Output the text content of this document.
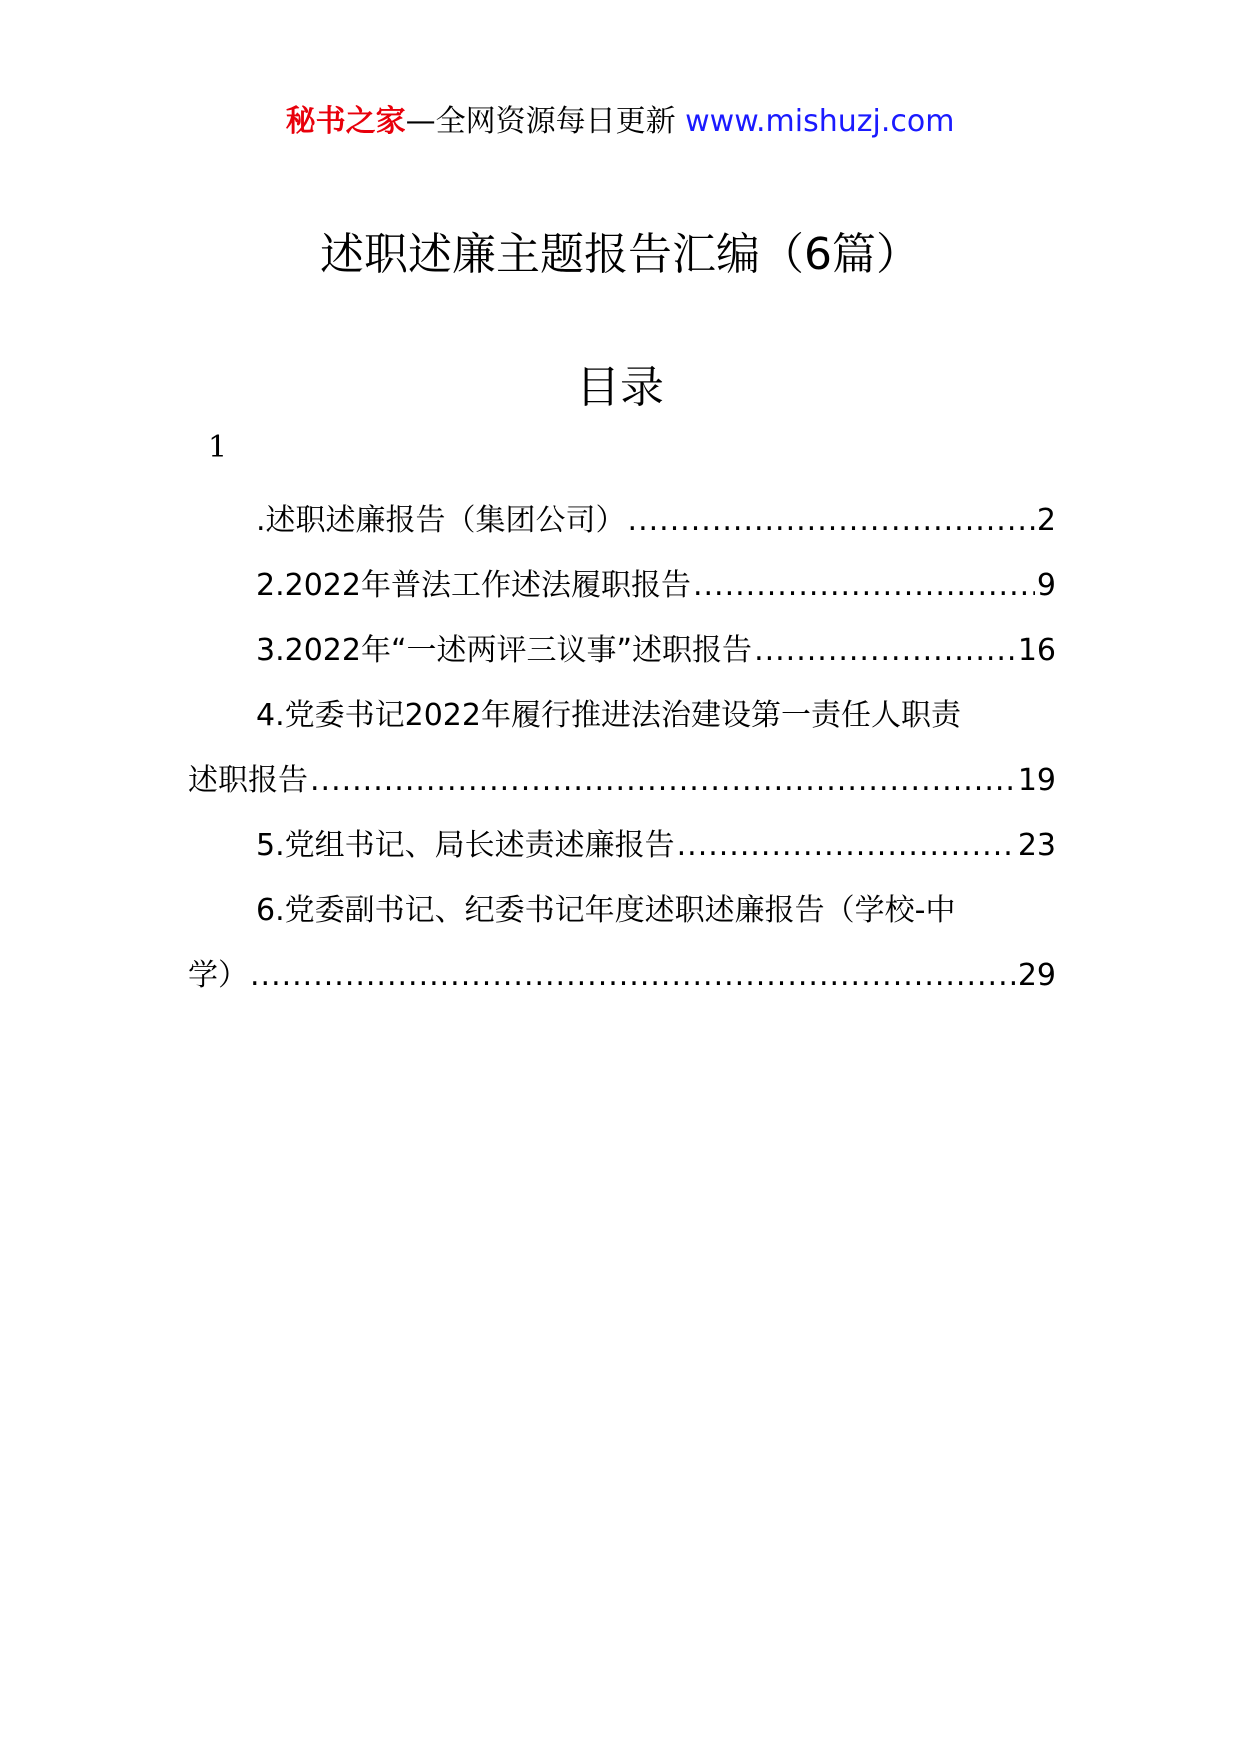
秘书之家—全网资源每日更新 www.mishuzj.com
述职述廉主题报告汇编（6篇）
目录
1
.述职述廉报告（集团公司） .....	2
2.2022年普法工作述法履职报告 .....	9
3.2022年“一述两评三议事”述职报告 .....	16
4.党委书记2022年履行推进法治建设第一责任人职责
述职报告 .....	19
5.党组书记、局长述责述廉报告 .....	23
6.党委副书记、纪委书记年度述职述廉报告（学校-中
学） .....	29
